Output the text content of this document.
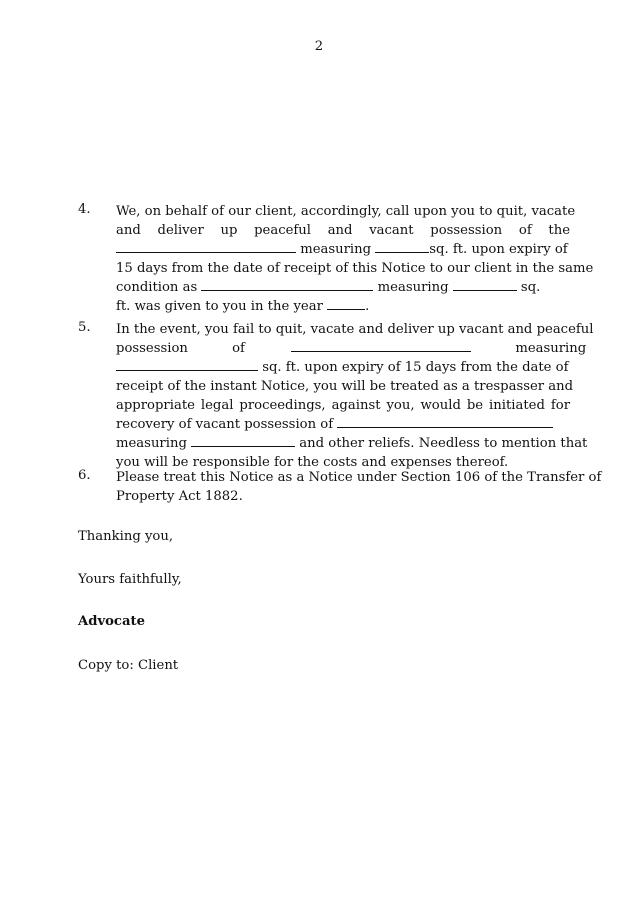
2
4.	We, on behalf of our client, accordingly, call upon you to quit, vacate
and deliver up peaceful and vacant possession of the
measuring	sq. ft. upon expiry of
15 days from the date of receipt of this Notice to our client in the same
condition as	measuring	sq.
ft. was given to you in the year	.
5.	In the event, you fail to quit, vacate and deliver up vacant and peaceful
possession of	measuring
sq. ft. upon expiry of 15 days from the date of
receipt of the instant Notice, you will be treated as a trespasser and
appropriate legal proceedings, against you, would be initiated for
recovery of vacant possession of
measuring	and other reliefs. Needless to mention that
you will be responsible for the costs and expenses thereof.
6.	Please treat this Notice as a Notice under Section 106 of the Transfer of
Property Act 1882.
Thanking you,
Yours faithfully,
Advocate
Copy to: Client
